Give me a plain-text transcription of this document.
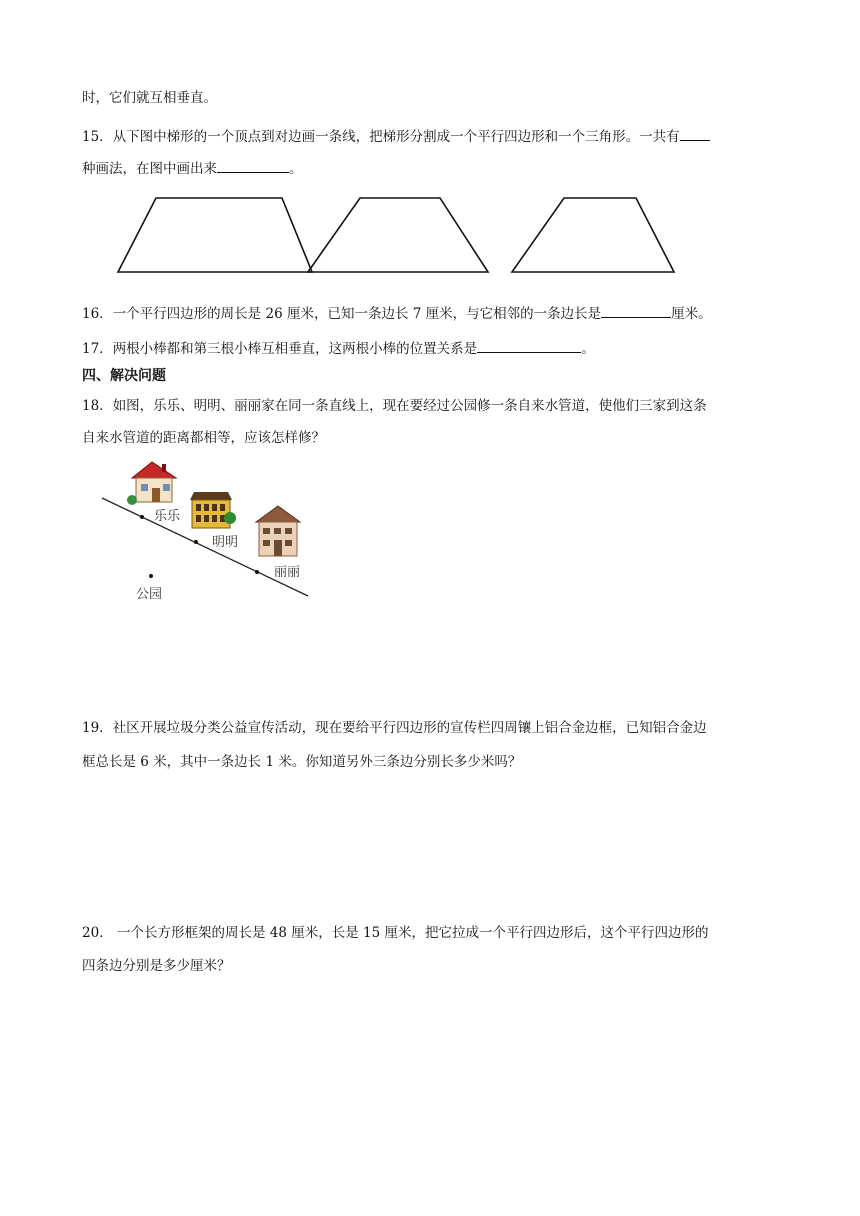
时，它们就互相垂直。
15．从下图中梯形的一个顶点到对边画一条线，把梯形分割成一个平行四边形和一个三角形。一共有
种画法，在图中画出来	。
16．一个平行四边形的周长是 26 厘米，已知一条边长 7 厘米，与它相邻的一条边长是	厘米。
17．两根小棒都和第三根小棒互相垂直，这两根小棒的位置关系是	。
四、解决问题
18．如图，乐乐、明明、丽丽家在同一条直线上，现在要经过公园修一条自来水管道，使他们三家到这条
自来水管道的距离都相等，应该怎样修？
乐乐
明明
丽丽
公园
19．社区开展垃圾分类公益宣传活动，现在要给平行四边形的宣传栏四周镶上铝合金边框，已知铝合金边
框总长是 6 米，其中一条边长 1 米。你知道另外三条边分别长多少米吗？
20． 一个长方形框架的周长是 48 厘米，长是 15 厘米，把它拉成一个平行四边形后，这个平行四边形的
四条边分别是多少厘米？
